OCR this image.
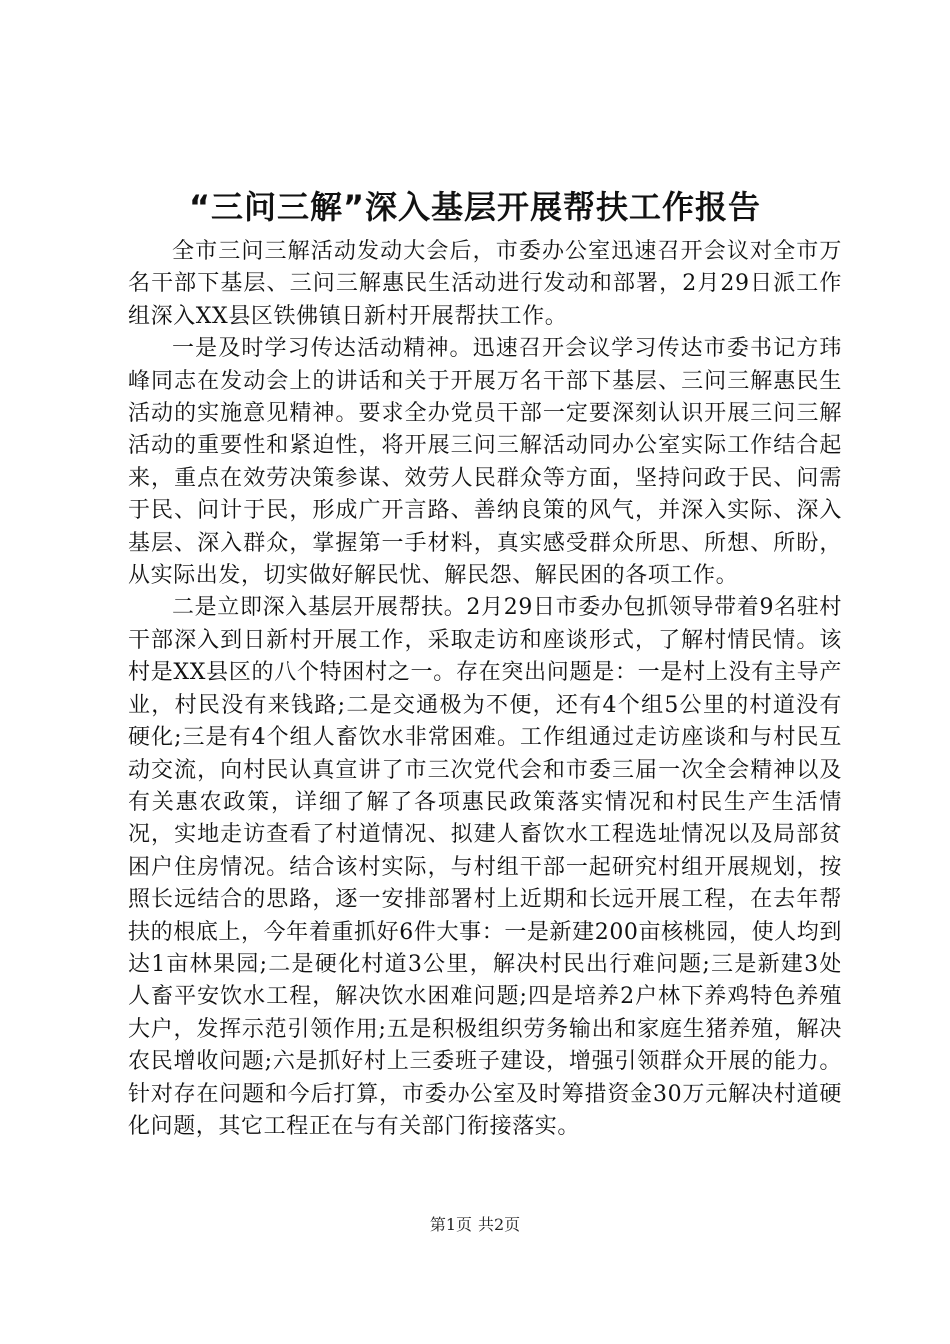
“三问三解”深入基层开展帮扶工作报告

全市三问三解活动发动大会后，市委办公室迅速召开会议对全市万名干部下基层、三问三解惠民生活动进行发动和部署，2月29日派工作组深入XX县区铁佛镇日新村开展帮扶工作。

一是及时学习传达活动精神。迅速召开会议学习传达市委书记方玮峰同志在发动会上的讲话和关于开展万名干部下基层、三问三解惠民生活动的实施意见精神。要求全办党员干部一定要深刻认识开展三问三解活动的重要性和紧迫性，将开展三问三解活动同办公室实际工作结合起来，重点在效劳决策参谋、效劳人民群众等方面，坚持问政于民、问需于民、问计于民，形成广开言路、善纳良策的风气，并深入实际、深入基层、深入群众，掌握第一手材料，真实感受群众所思、所想、所盼，从实际出发，切实做好解民忧、解民怨、解民困的各项工作。

二是立即深入基层开展帮扶。2月29日市委办包抓领导带着9名驻村干部深入到日新村开展工作，采取走访和座谈形式，了解村情民情。该村是XX县区的八个特困村之一。存在突出问题是：一是村上没有主导产业，村民没有来钱路;二是交通极为不便，还有4个组5公里的村道没有硬化;三是有4个组人畜饮水非常困难。工作组通过走访座谈和与村民互动交流，向村民认真宣讲了市三次党代会和市委三届一次全会精神以及有关惠农政策，详细了解了各项惠民政策落实情况和村民生产生活情况，实地走访查看了村道情况、拟建人畜饮水工程选址情况以及局部贫困户住房情况。结合该村实际，与村组干部一起研究村组开展规划，按照长远结合的思路，逐一安排部署村上近期和长远开展工程，在去年帮扶的根底上，今年着重抓好6件大事：一是新建200亩核桃园，使人均到达1亩林果园;二是硬化村道3公里，解决村民出行难问题;三是新建3处人畜平安饮水工程，解决饮水困难问题;四是培养2户林下养鸡特色养殖大户，发挥示范引领作用;五是积极组织劳务输出和家庭生猪养殖，解决农民增收问题;六是抓好村上三委班子建设，增强引领群众开展的能力。针对存在问题和今后打算，市委办公室及时筹措资金30万元解决村道硬化问题，其它工程正在与有关部门衔接落实。

第1页 共2页
